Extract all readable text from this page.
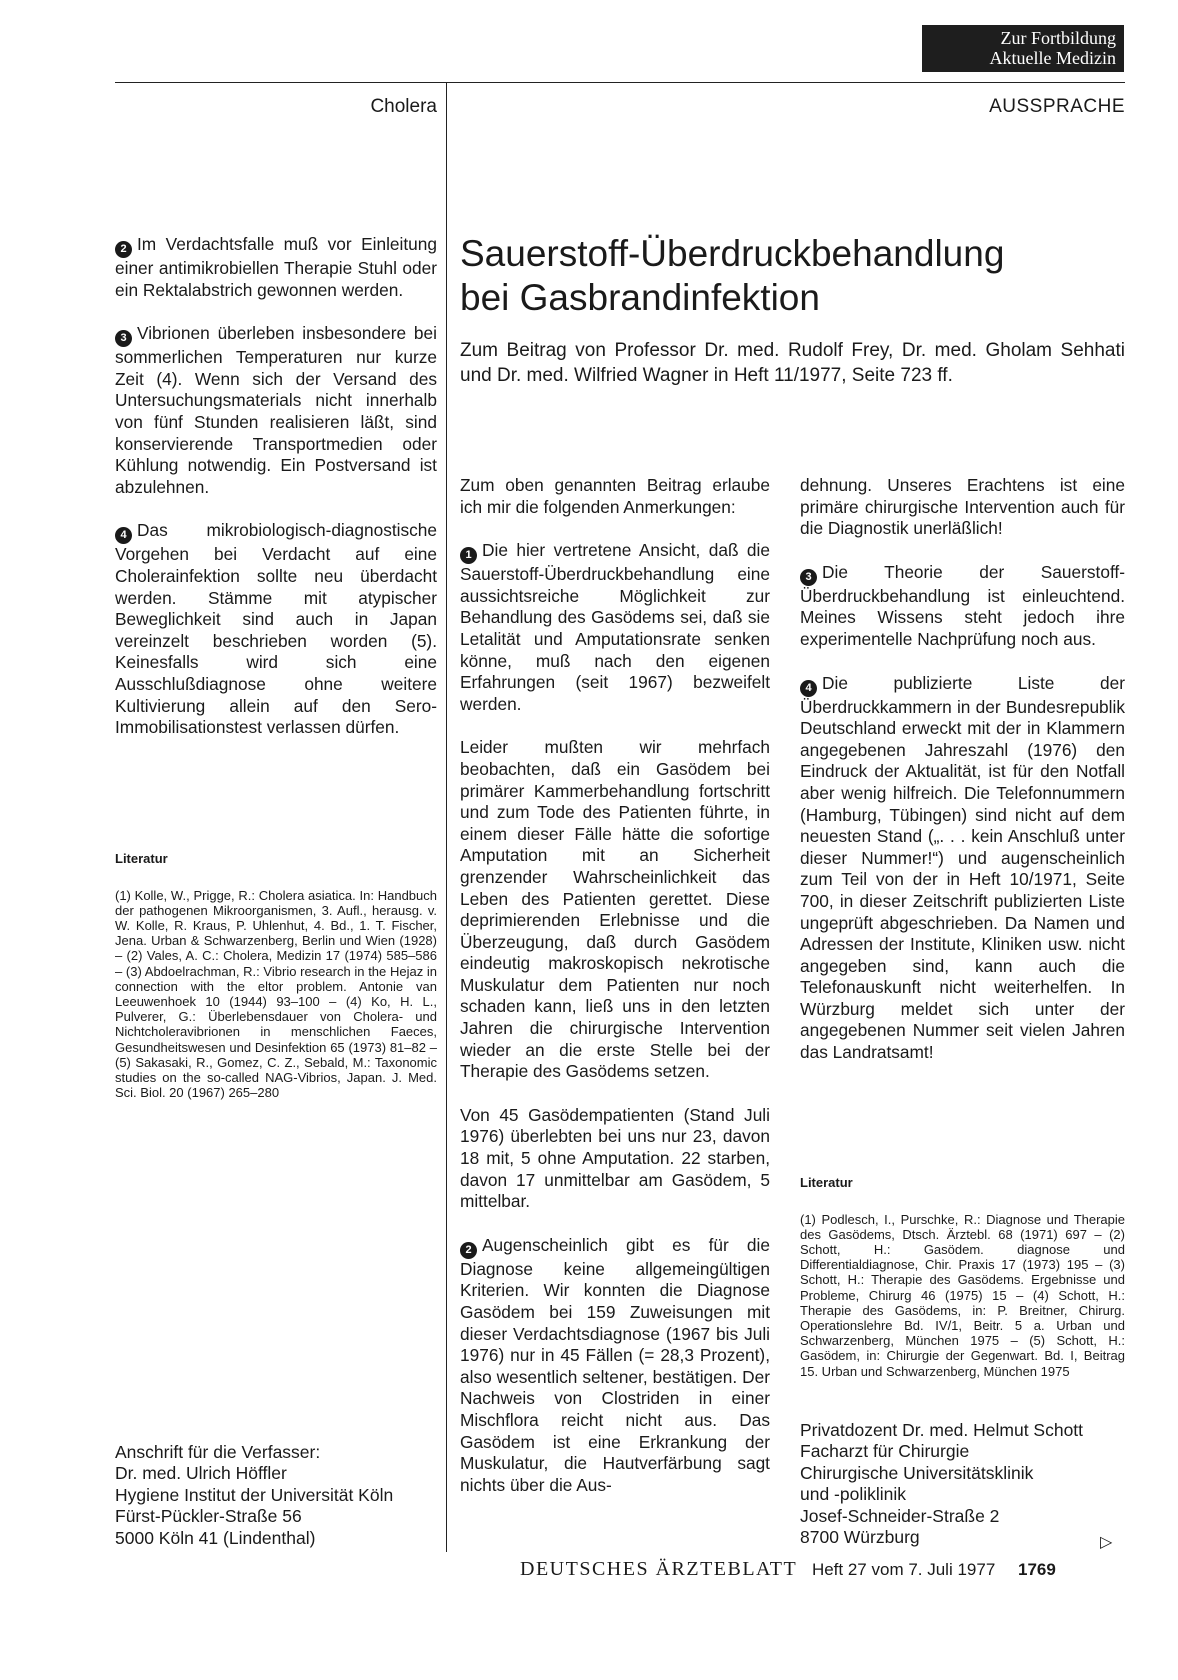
Zur Fortbildung
Aktuelle Medizin
Cholera	AUSSPRACHE

2 Im Verdachtsfalle muß vor Einleitung einer antimikrobiellen Therapie Stuhl oder ein Rektalabstrich gewonnen werden.

3 Vibrionen überleben insbesondere bei sommerlichen Temperaturen nur kurze Zeit (4). Wenn sich der Versand des Untersuchungsmaterials nicht innerhalb von fünf Stunden realisieren läßt, sind konservierende Transportmedien oder Kühlung notwendig. Ein Postversand ist abzulehnen.

4 Das mikrobiologisch-diagnostische Vorgehen bei Verdacht auf eine Cholerainfektion sollte neu überdacht werden. Stämme mit atypischer Beweglichkeit sind auch in Japan vereinzelt beschrieben worden (5). Keinesfalls wird sich eine Ausschlußdiagnose ohne weitere Kultivierung allein auf den Sero-Immobilisationstest verlassen dürfen.

Literatur

(1) Kolle, W., Prigge, R.: Cholera asiatica. In: Handbuch der pathogenen Mikroorganismen, 3. Aufl., herausg. v. W. Kolle, R. Kraus, P. Uhlenhut, 4. Bd., 1. T. Fischer, Jena. Urban & Schwarzenberg, Berlin und Wien (1928) – (2) Vales, A. C.: Cholera, Medizin 17 (1974) 585–586 – (3) Abdoelrachman, R.: Vibrio research in the Hejaz in connection with the eltor problem. Antonie van Leeuwenhoek 10 (1944) 93–100 – (4) Ko, H. L., Pulverer, G.: Überlebensdauer von Cholera- und Nichtcholeravibrionen in menschlichen Faeces, Gesundheitswesen und Desinfektion 65 (1973) 81–82 – (5) Sakasaki, R., Gomez, C. Z., Sebald, M.: Taxonomic studies on the so-called NAG-Vibrios, Japan. J. Med. Sci. Biol. 20 (1967) 265–280

Anschrift für die Verfasser:
Dr. med. Ulrich Höffler
Hygiene Institut der Universität Köln
Fürst-Pückler-Straße 56
5000 Köln 41 (Lindenthal)
Sauerstoff-Überdruckbehandlung
bei Gasbrandinfektion
Zum Beitrag von Professor Dr. med. Rudolf Frey, Dr. med. Gholam Sehhati und Dr. med. Wilfried Wagner in Heft 11/1977, Seite 723 ff.

Zum oben genannten Beitrag erlaube ich mir die folgenden Anmerkungen:

1 Die hier vertretene Ansicht, daß die Sauerstoff-Überdruckbehandlung eine aussichtsreiche Möglichkeit zur Behandlung des Gasödems sei, daß sie Letalität und Amputationsrate senken könne, muß nach den eigenen Erfahrungen (seit 1967) bezweifelt werden.

Leider mußten wir mehrfach beobachten, daß ein Gasödem bei primärer Kammerbehandlung fortschritt und zum Tode des Patienten führte, in einem dieser Fälle hätte die sofortige Amputation mit an Sicherheit grenzender Wahrscheinlichkeit das Leben des Patienten gerettet. Diese deprimierenden Erlebnisse und die Überzeugung, daß durch Gasödem eindeutig makroskopisch nekrotische Muskulatur dem Patienten nur noch schaden kann, ließ uns in den letzten Jahren die chirurgische Intervention wieder an die erste Stelle bei der Therapie des Gasödems setzen.

Von 45 Gasödempatienten (Stand Juli 1976) überlebten bei uns nur 23, davon 18 mit, 5 ohne Amputation. 22 starben, davon 17 unmittelbar am Gasödem, 5 mittelbar.

2 Augenscheinlich gibt es für die Diagnose keine allgemeingültigen Kriterien. Wir konnten die Diagnose Gasödem bei 159 Zuweisungen mit dieser Verdachtsdiagnose (1967 bis Juli 1976) nur in 45 Fällen (= 28,3 Prozent), also wesentlich seltener, bestätigen. Der Nachweis von Clostriden in einer Mischflora reicht nicht aus. Das Gasödem ist eine Erkrankung der Muskulatur, die Hautverfärbung sagt nichts über die Aus-

dehnung. Unseres Erachtens ist eine primäre chirurgische Intervention auch für die Diagnostik unerläßlich!

3 Die Theorie der Sauerstoff-Überdruckbehandlung ist einleuchtend. Meines Wissens steht jedoch ihre experimentelle Nachprüfung noch aus.

4 Die publizierte Liste der Überdruckkammern in der Bundesrepublik Deutschland erweckt mit der in Klammern angegebenen Jahreszahl (1976) den Eindruck der Aktualität, ist für den Notfall aber wenig hilfreich. Die Telefonnummern (Hamburg, Tübingen) sind nicht auf dem neuesten Stand („. . . kein Anschluß unter dieser Nummer!“) und augenscheinlich zum Teil von der in Heft 10/1971, Seite 700, in dieser Zeitschrift publizierten Liste ungeprüft abgeschrieben. Da Namen und Adressen der Institute, Kliniken usw. nicht angegeben sind, kann auch die Telefonauskunft nicht weiterhelfen. In Würzburg meldet sich unter der angegebenen Nummer seit vielen Jahren das Landratsamt!

Literatur

(1) Podlesch, I., Purschke, R.: Diagnose und Therapie des Gasödems, Dtsch. Ärztebl. 68 (1971) 697 – (2) Schott, H.: Gasödem. diagnose und Differentialdiagnose, Chir. Praxis 17 (1973) 195 – (3) Schott, H.: Therapie des Gasödems. Ergebnisse und Probleme, Chirurg 46 (1975) 15 – (4) Schott, H.: Therapie des Gasödems, in: P. Breitner, Chirurg. Operationslehre Bd. IV/1, Beitr. 5 a. Urban und Schwarzenberg, München 1975 – (5) Schott, H.: Gasödem, in: Chirurgie der Gegenwart. Bd. I, Beitrag 15. Urban und Schwarzenberg, München 1975

Privatdozent Dr. med. Helmut Schott
Facharzt für Chirurgie
Chirurgische Universitätsklinik
und -poliklinik
Josef-Schneider-Straße 2
8700 Würzburg	▷
DEUTSCHES ÄRZTEBLATT Heft 27 vom 7. Juli 1977 1769
